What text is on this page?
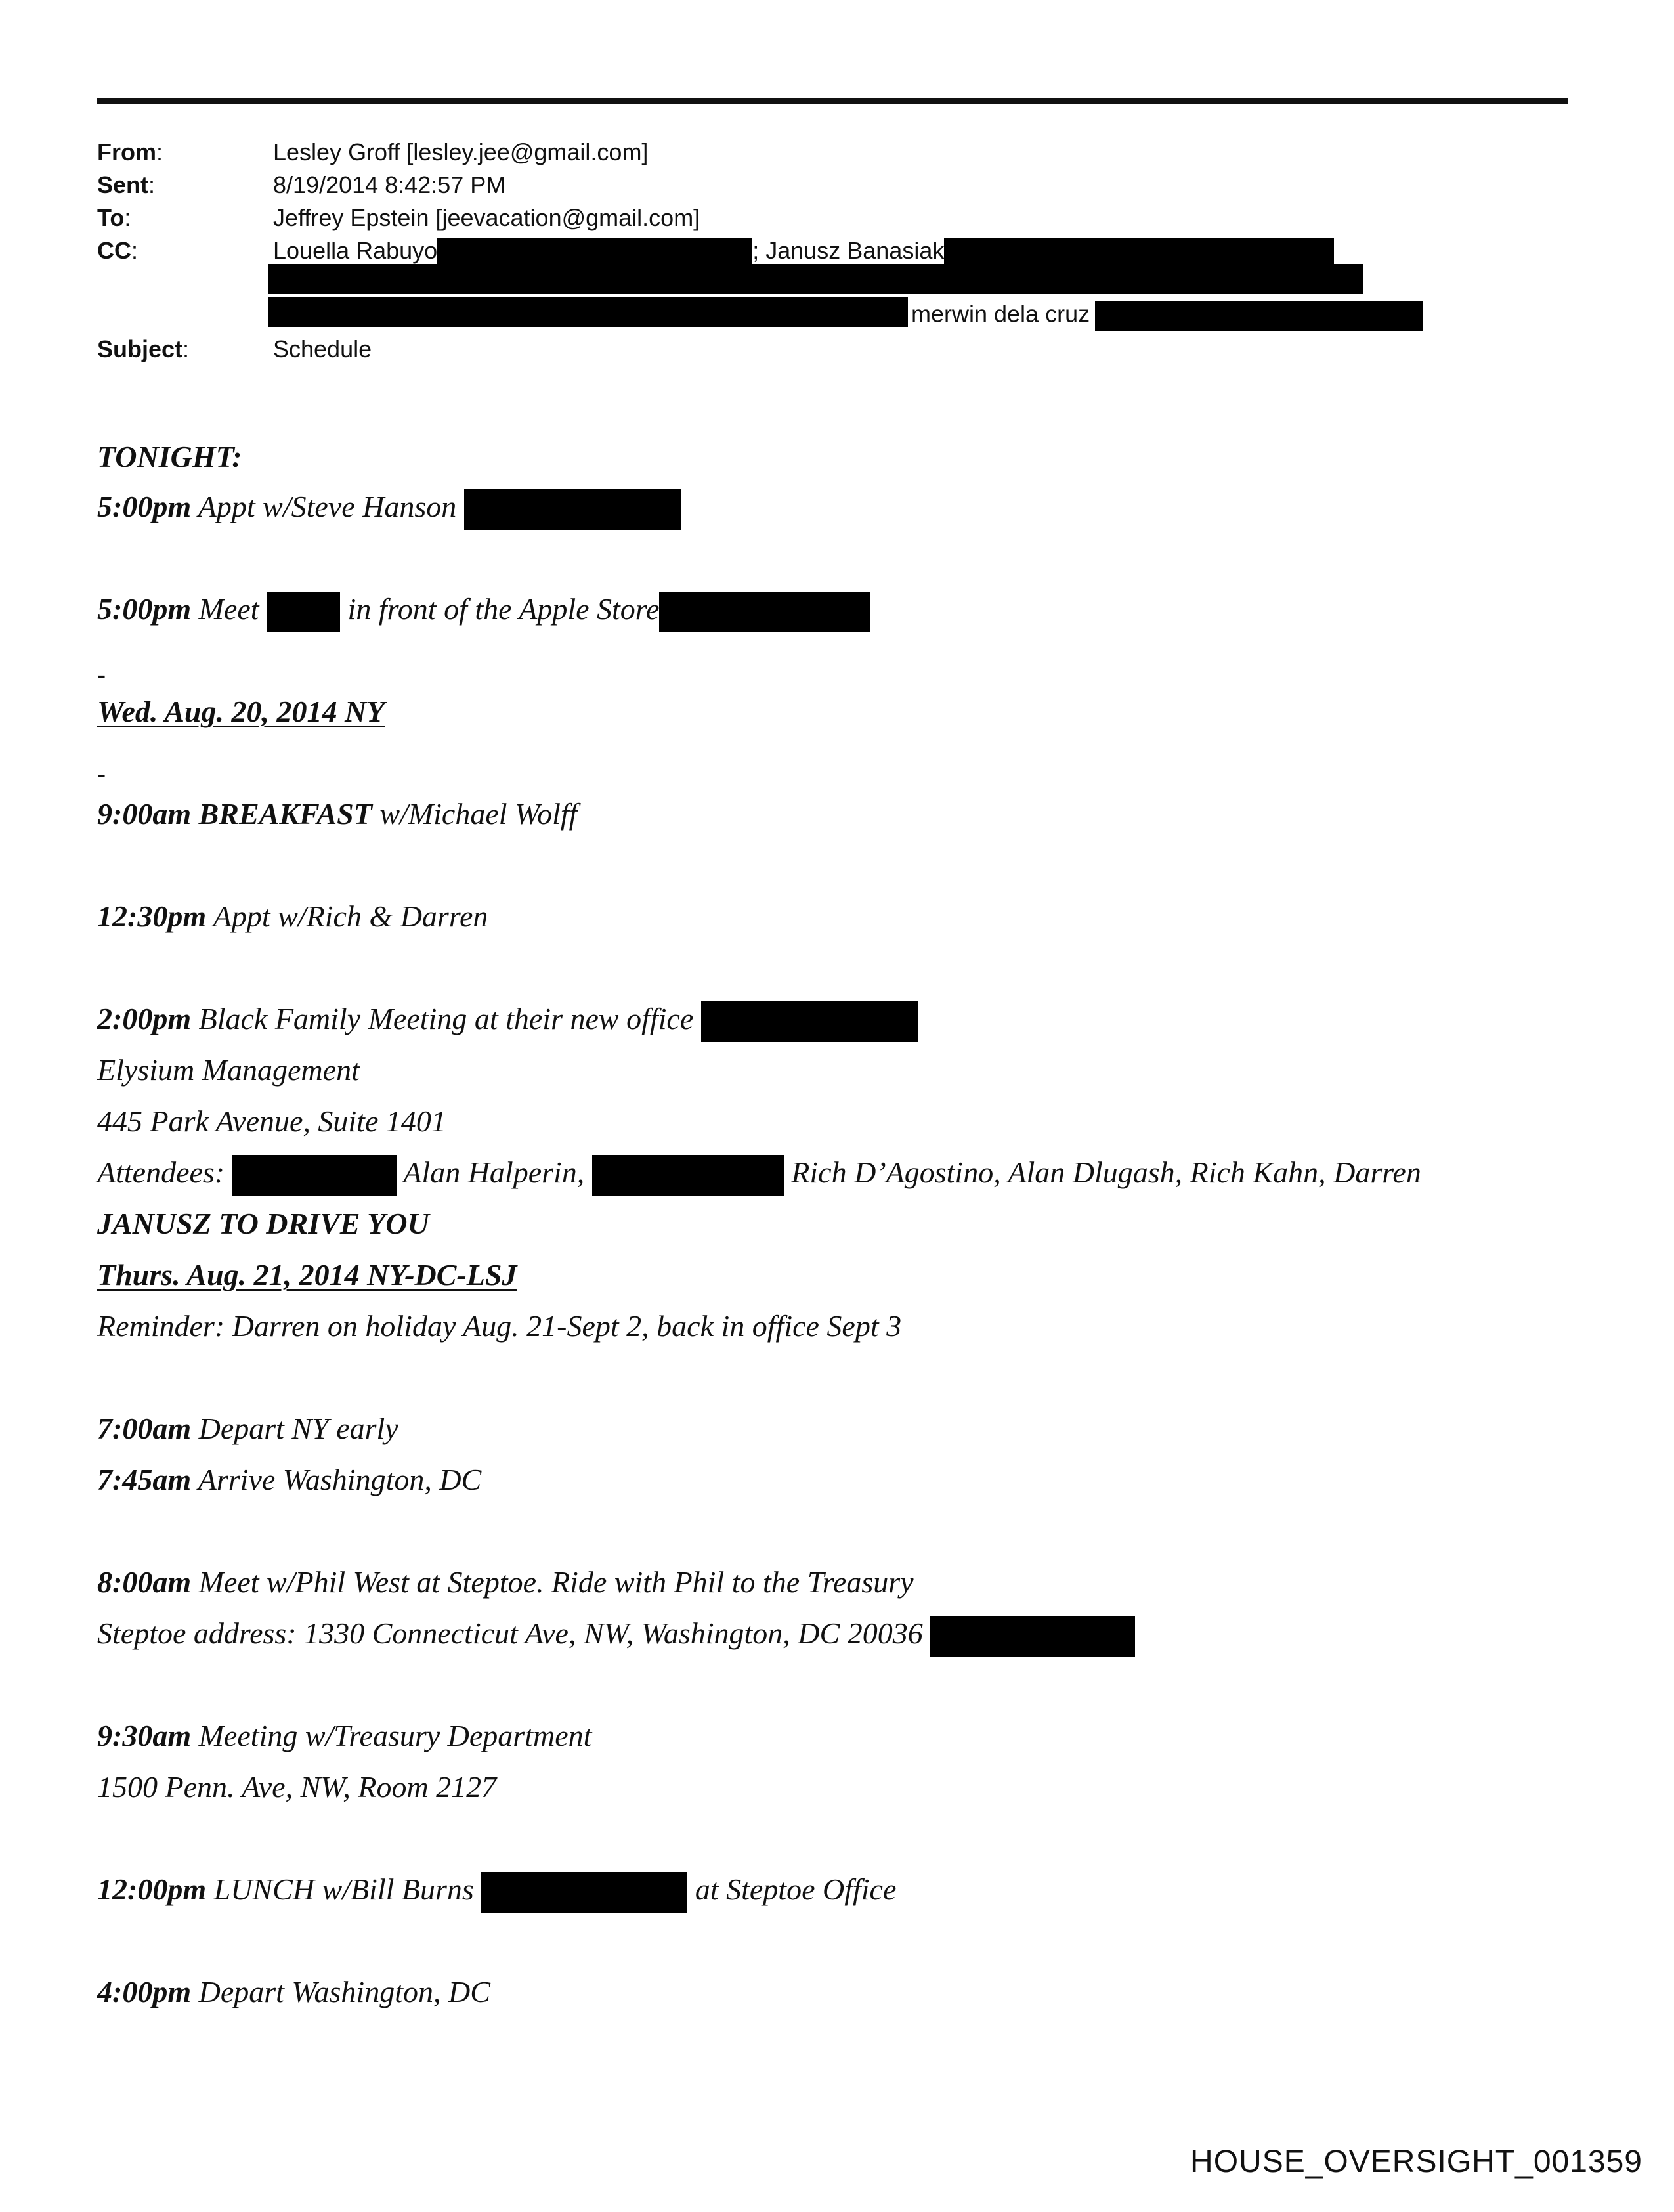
From:	Lesley Groff [lesley.jee@gmail.com]
Sent:	8/19/2014 8:42:57 PM
To:	Jeffrey Epstein [jeevacation@gmail.com]
CC:	Louella Rabuyo	; Janusz Banasiak
merwin dela cruz
Subject:	Schedule
TONIGHT:
5:00pm Appt w/Steve Hanson
5:00pm Meet  in front of the Apple Store
-
Wed. Aug. 20, 2014 NY
-
9:00am BREAKFAST w/Michael Wolff
12:30pm Appt w/Rich & Darren
2:00pm Black Family Meeting at their new office
Elysium Management
445 Park Avenue, Suite 1401
Attendees:	Alan Halperin,	Rich D’Agostino, Alan Dlugash, Rich Kahn, Darren
JANUSZ TO DRIVE YOU
Thurs. Aug. 21, 2014 NY-DC-LSJ
Reminder: Darren on holiday Aug. 21-Sept 2, back in office Sept 3
7:00am Depart NY early
7:45am Arrive Washington, DC
8:00am Meet w/Phil West at Steptoe. Ride with Phil to the Treasury
Steptoe address: 1330 Connecticut Ave, NW, Washington, DC 20036
9:30am Meeting w/Treasury Department
1500 Penn. Ave, NW, Room 2127
12:00pm LUNCH w/Bill Burns	at Steptoe Office
4:00pm Depart Washington, DC
HOUSE_OVERSIGHT_001359
